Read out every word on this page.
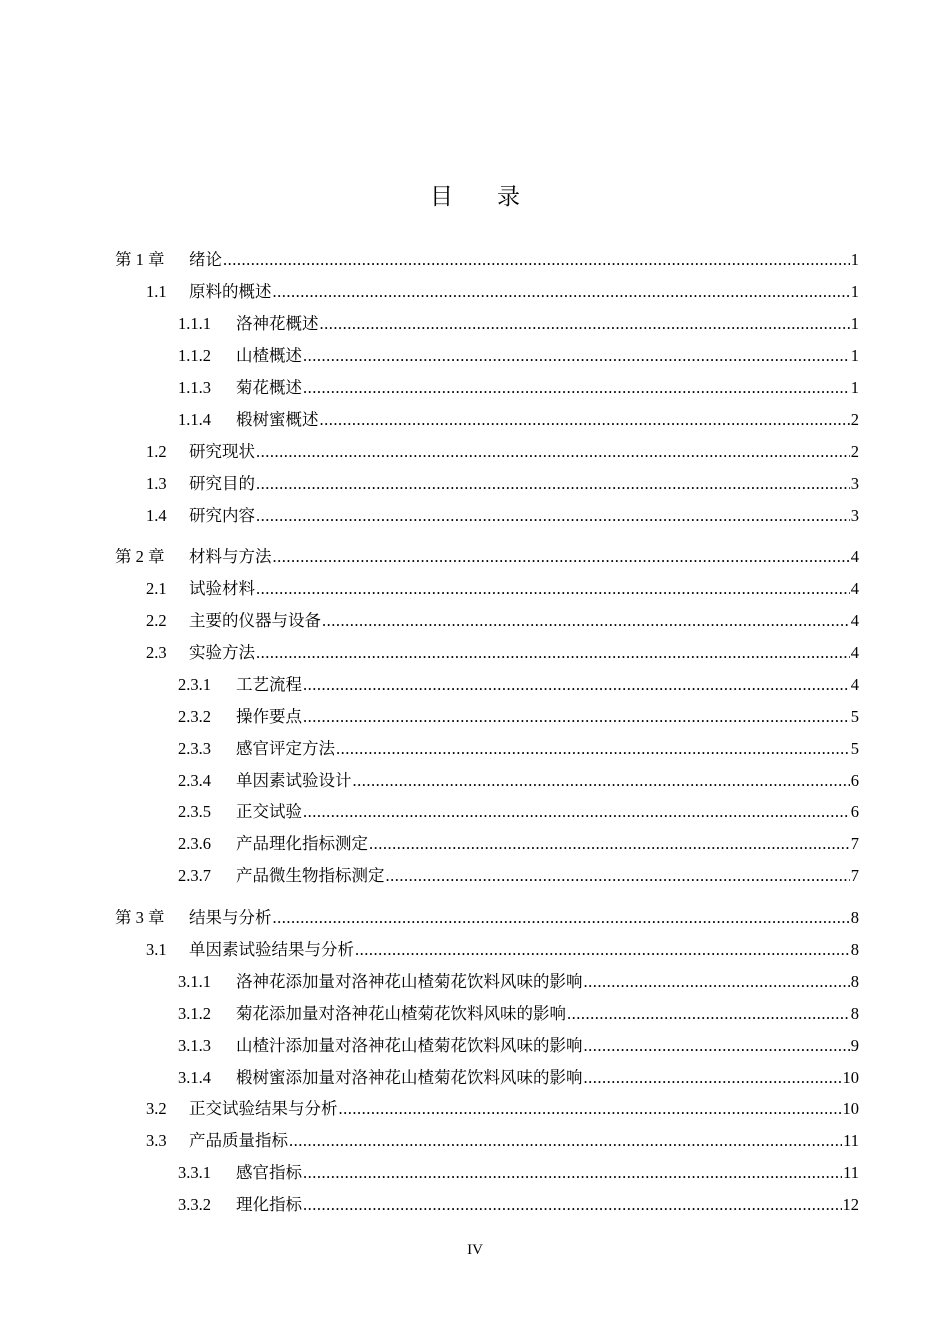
目 录
第 1 章 绪论 .....	1
1.1 原料的概述 .....	1
1.1.1 洛神花概述 .....	1
1.1.2 山楂概述 .....	1
1.1.3 菊花概述 .....	1
1.1.4 椴树蜜概述 .....	2
1.2 研究现状 .....	2
1.3 研究目的 .....	3
1.4 研究内容 .....	3
第 2 章 材料与方法 .....	4
2.1 试验材料 .....	4
2.2 主要的仪器与设备 .....	4
2.3 实验方法 .....	4
2.3.1 工艺流程 .....	4
2.3.2 操作要点 .....	5
2.3.3 感官评定方法 .....	5
2.3.4 单因素试验设计 .....	6
2.3.5 正交试验 .....	6
2.3.6 产品理化指标测定 .....	7
2.3.7 产品微生物指标测定 .....	7
第 3 章 结果与分析 .....	8
3.1 单因素试验结果与分析 .....	8
3.1.1 洛神花添加量对洛神花山楂菊花饮料风味的影响 .....	8
3.1.2 菊花添加量对洛神花山楂菊花饮料风味的影响 .....	8
3.1.3 山楂汁添加量对洛神花山楂菊花饮料风味的影响 .....	9
3.1.4 椴树蜜添加量对洛神花山楂菊花饮料风味的影响 .....	10
3.2 正交试验结果与分析 .....	10
3.3 产品质量指标 .....	11
3.3.1 感官指标 .....	11
3.3.2 理化指标 .....	12
IV
